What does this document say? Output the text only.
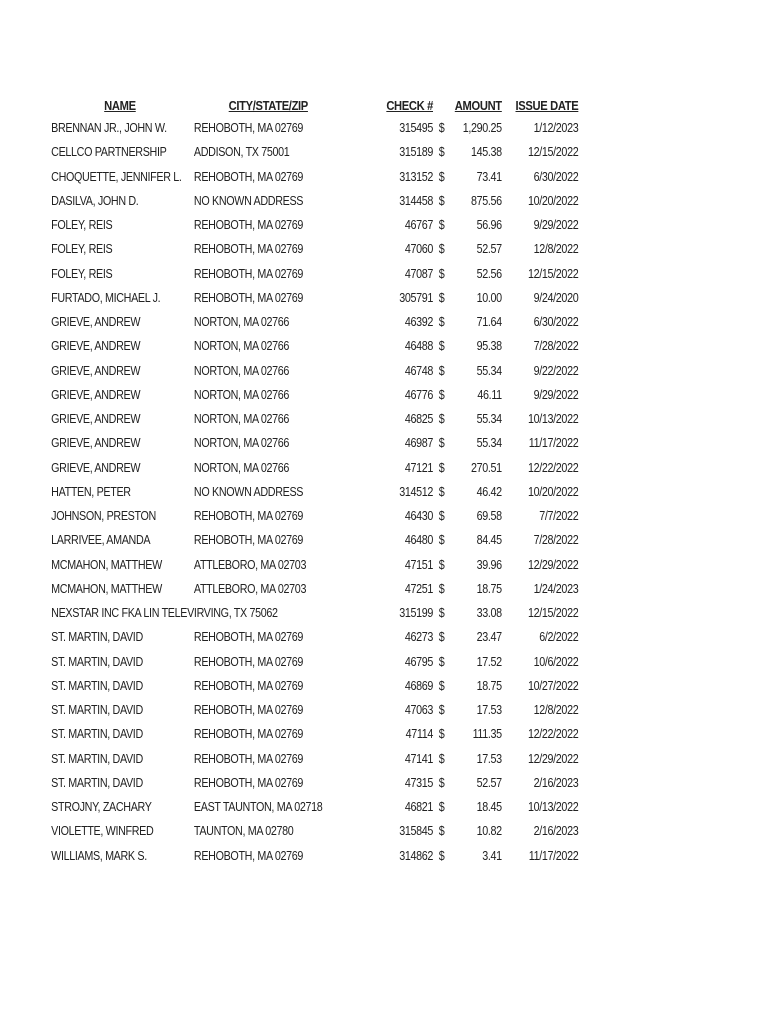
NAME	CITY/STATE/ZIP	CHECK #	AMOUNT		ISSUE DATE
BRENNAN JR., JOHN W.	REHOBOTH, MA 02769	315495	$	1,290.25	1/12/2023
CELLCO PARTNERSHIP	ADDISON, TX 75001	315189	$	145.38	12/15/2022
CHOQUETTE, JENNIFER L.	REHOBOTH, MA 02769	313152	$	73.41	6/30/2022
DASILVA, JOHN D.	NO KNOWN ADDRESS	314458	$	875.56	10/20/2022
FOLEY, REIS	REHOBOTH, MA 02769	46767	$	56.96	9/29/2022
FOLEY, REIS	REHOBOTH, MA 02769	47060	$	52.57	12/8/2022
FOLEY, REIS	REHOBOTH, MA 02769	47087	$	52.56	12/15/2022
FURTADO, MICHAEL J.	REHOBOTH, MA 02769	305791	$	10.00	9/24/2020
GRIEVE, ANDREW	NORTON, MA 02766	46392	$	71.64	6/30/2022
GRIEVE, ANDREW	NORTON, MA 02766	46488	$	95.38	7/28/2022
GRIEVE, ANDREW	NORTON, MA 02766	46748	$	55.34	9/22/2022
GRIEVE, ANDREW	NORTON, MA 02766	46776	$	46.11	9/29/2022
GRIEVE, ANDREW	NORTON, MA 02766	46825	$	55.34	10/13/2022
GRIEVE, ANDREW	NORTON, MA 02766	46987	$	55.34	11/17/2022
GRIEVE, ANDREW	NORTON, MA 02766	47121	$	270.51	12/22/2022
HATTEN, PETER	NO KNOWN ADDRESS	314512	$	46.42	10/20/2022
JOHNSON, PRESTON	REHOBOTH, MA 02769	46430	$	69.58	7/7/2022
LARRIVEE, AMANDA	REHOBOTH, MA 02769	46480	$	84.45	7/28/2022
MCMAHON, MATTHEW	ATTLEBORO, MA 02703	47151	$	39.96	12/29/2022
MCMAHON, MATTHEW	ATTLEBORO, MA 02703	47251	$	18.75	1/24/2023
NEXSTAR INC FKA LIN TELEV	IRVING, TX 75062	315199	$	33.08	12/15/2022
ST. MARTIN, DAVID	REHOBOTH, MA 02769	46273	$	23.47	6/2/2022
ST. MARTIN, DAVID	REHOBOTH, MA 02769	46795	$	17.52	10/6/2022
ST. MARTIN, DAVID	REHOBOTH, MA 02769	46869	$	18.75	10/27/2022
ST. MARTIN, DAVID	REHOBOTH, MA 02769	47063	$	17.53	12/8/2022
ST. MARTIN, DAVID	REHOBOTH, MA 02769	47114	$	111.35	12/22/2022
ST. MARTIN, DAVID	REHOBOTH, MA 02769	47141	$	17.53	12/29/2022
ST. MARTIN, DAVID	REHOBOTH, MA 02769	47315	$	52.57	2/16/2023
STROJNY, ZACHARY	EAST TAUNTON, MA 02718	46821	$	18.45	10/13/2022
VIOLETTE, WINFRED	TAUNTON, MA 02780	315845	$	10.82	2/16/2023
WILLIAMS, MARK S.	REHOBOTH, MA 02769	314862	$	3.41	11/17/2022
